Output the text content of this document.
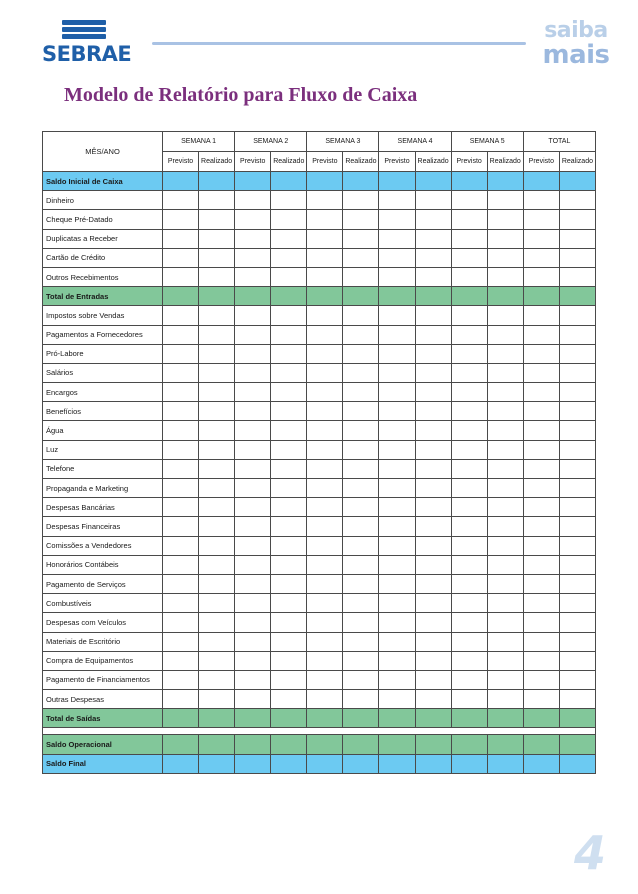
SEBRAE
saiba
mais
Modelo de Relatório para Fluxo de Caixa
MÊS/ANO	SEMANA 1		SEMANA 2		SEMANA 3		SEMANA 4		SEMANA 5		TOTAL	
	Previsto	Realizado	Previsto	Realizado	Previsto	Realizado	Previsto	Realizado	Previsto	Realizado	Previsto	Realizado
Saldo Inicial de Caixa												
Dinheiro												
Cheque Pré-Datado												
Duplicatas a Receber												
Cartão de Crédito												
Outros Recebimentos												
Total de Entradas												
Impostos sobre Vendas												
Pagamentos a Fornecedores												
Pró-Labore												
Salários												
Encargos												
Benefícios												
Água												
Luz												
Telefone												
Propaganda e Marketing												
Despesas Bancárias												
Despesas Financeiras												
Comissões a Vendedores												
Honorários Contábeis												
Pagamento de Serviços												
Combustíveis												
Despesas com Veículos												
Materiais de Escritório												
Compra de Equipamentos												
Pagamento de Financiamentos												
Outras Despesas												
Total de Saídas												

Saldo Operacional												
Saldo Final												
4
